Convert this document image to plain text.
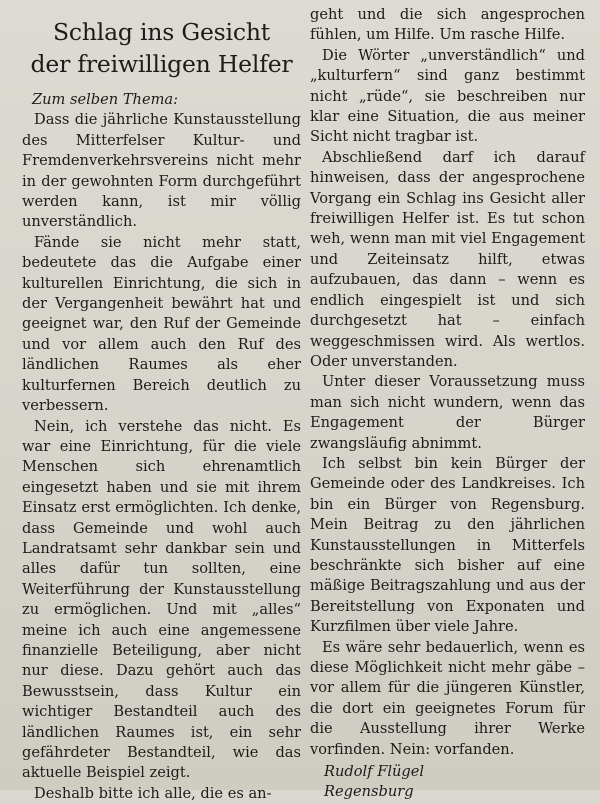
Schlag ins Gesicht
der freiwilligen Helfer
Zum selben Thema:

Dass die jährliche Kunstausstellung des Mitterfelser Kultur- und Fremdenverkehrsvereins nicht mehr in der gewohnten Form durchgeführt werden kann, ist mir völlig unverständlich.

Fände sie nicht mehr statt, bedeutete das die Aufgabe einer kulturellen Einrichtung, die sich in der Vergangenheit bewährt hat und geeignet war, den Ruf der Gemeinde und vor allem auch den Ruf des ländlichen Raumes als eher kulturfernen Bereich deutlich zu verbessern.

Nein, ich verstehe das nicht. Es war eine Einrichtung, für die viele Menschen sich ehrenamtlich eingesetzt haben und sie mit ihrem Einsatz erst ermöglichten. Ich denke, dass Gemeinde und wohl auch Landratsamt sehr dankbar sein und alles dafür tun sollten, eine Weiterführung der Kunstausstellung zu ermöglichen. Und mit „alles“ meine ich auch eine angemessene finanzielle Beteiligung, aber nicht nur diese. Dazu gehört auch das Bewusstsein, dass Kultur ein wichtiger Bestandteil auch des ländlichen Raumes ist, ein sehr gefährdeter Bestandteil, wie das aktuelle Beispiel zeigt.

Deshalb bitte ich alle, die es an-

geht und die sich angesprochen fühlen, um Hilfe. Um rasche Hilfe.

Die Wörter „unverständlich“ und „kulturfern“ sind ganz bestimmt nicht „rüde“, sie beschreiben nur klar eine Situation, die aus meiner Sicht nicht tragbar ist.

Abschließend darf ich darauf hinweisen, dass der angesprochene Vorgang ein Schlag ins Gesicht aller freiwilligen Helfer ist. Es tut schon weh, wenn man mit viel Engagement und Zeiteinsatz hilft, etwas aufzubauen, das dann – wenn es endlich eingespielt ist und sich durchgesetzt hat – einfach weggeschmissen wird. Als wertlos. Oder unverstanden.

Unter dieser Voraussetzung muss man sich nicht wundern, wenn das Engagement der Bürger zwangsläufig abnimmt.

Ich selbst bin kein Bürger der Gemeinde oder des Landkreises. Ich bin ein Bürger von Regensburg. Mein Beitrag zu den jährlichen Kunstausstellungen in Mitterfels beschränkte sich bisher auf eine mäßige Beitragszahlung und aus der Bereitstellung von Exponaten und Kurzfilmen über viele Jahre.

Es wäre sehr bedauerlich, wenn es diese Möglichkeit nicht mehr gäbe – vor allem für die jüngeren Künstler, die dort ein geeignetes Forum für die Ausstellung ihrer Werke vorfinden. Nein: vorfanden.

Rudolf Flügel
Regensburg
